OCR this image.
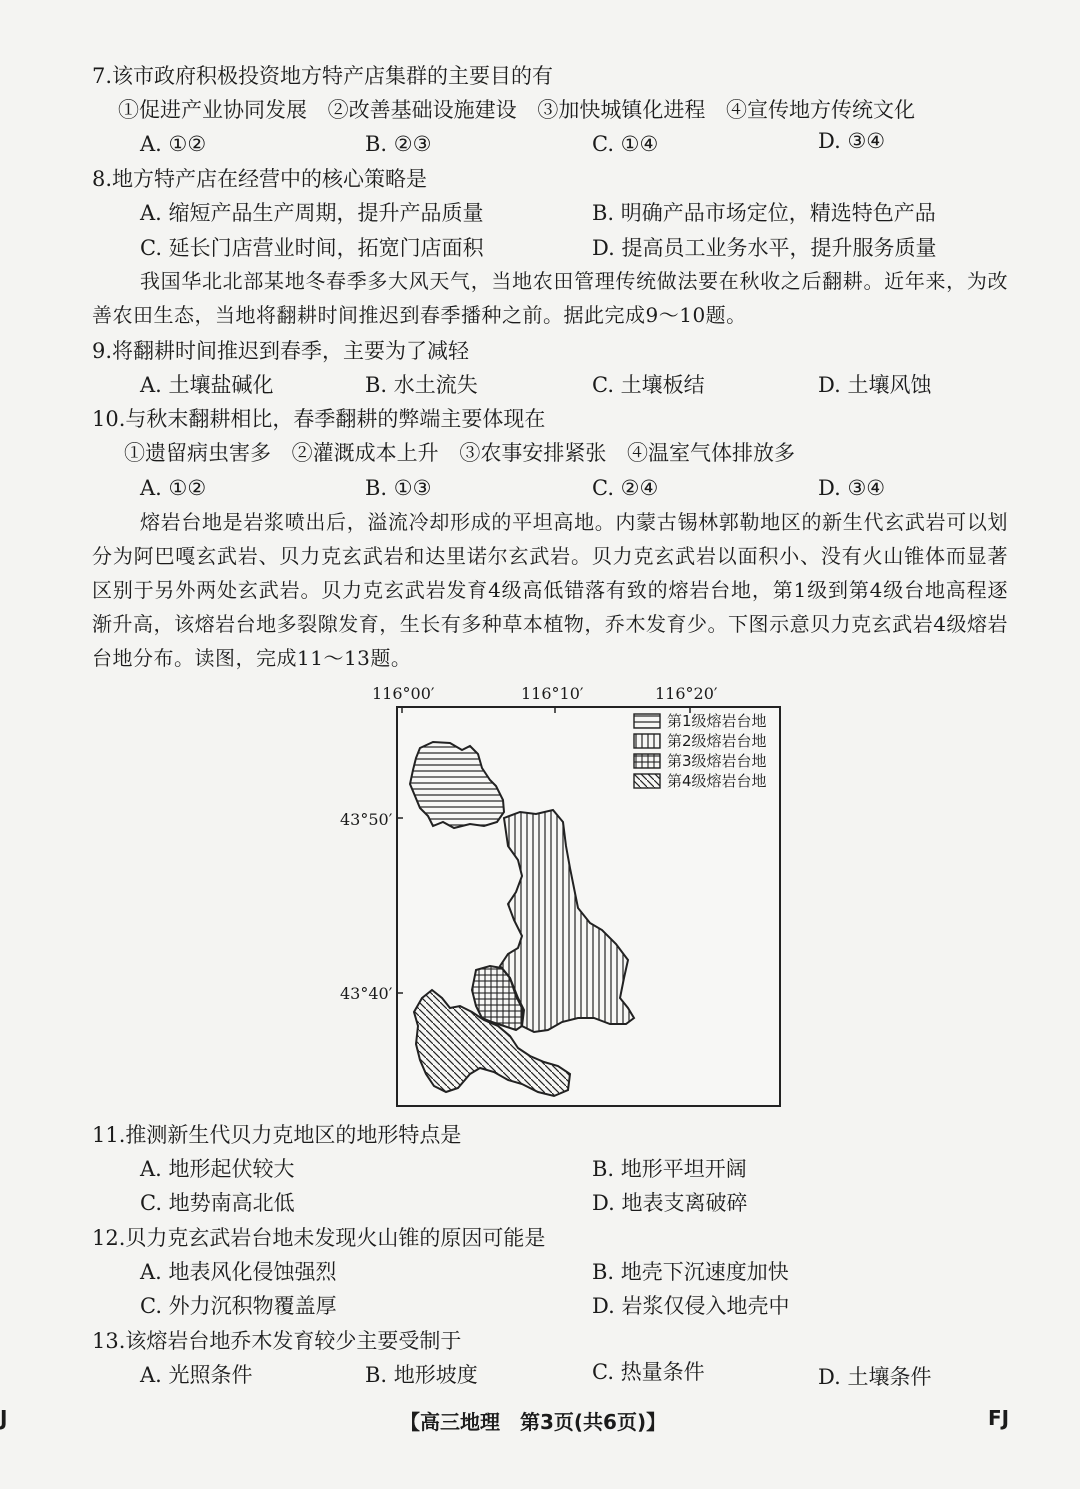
7.该市政府积极投资地方特产店集群的主要目的有
①促进产业协同发展 ②改善基础设施建设 ③加快城镇化进程 ④宣传地方传统文化
A. ①②	B. ②③	C. ①④	D. ③④
8.地方特产店在经营中的核心策略是
A. 缩短产品生产周期，提升产品质量	B. 明确产品市场定位，精选特色产品
C. 延长门店营业时间，拓宽门店面积	D. 提高员工业务水平，提升服务质量
我国华北北部某地冬春季多大风天气，当地农田管理传统做法要在秋收之后翻耕。近年来，为改善农田生态，当地将翻耕时间推迟到春季播种之前。据此完成9～10题。
9.将翻耕时间推迟到春季，主要为了减轻
A. 土壤盐碱化	B. 水土流失	C. 土壤板结	D. 土壤风蚀
10.与秋末翻耕相比，春季翻耕的弊端主要体现在
①遗留病虫害多 ②灌溉成本上升 ③农事安排紧张 ④温室气体排放多
A. ①②	B. ①③	C. ②④	D. ③④
熔岩台地是岩浆喷出后，溢流冷却形成的平坦高地。内蒙古锡林郭勒地区的新生代玄武岩可以划分为阿巴嘎玄武岩、贝力克玄武岩和达里诺尔玄武岩。贝力克玄武岩以面积小、没有火山锥体而显著区别于另外两处玄武岩。贝力克玄武岩发育4级高低错落有致的熔岩台地，第1级到第4级台地高程逐渐升高，该熔岩台地多裂隙发育，生长有多种草本植物，乔木发育少。下图示意贝力克玄武岩4级熔岩台地分布。读图，完成11～13题。
116°00′	116°10′	116°20′
43°50′
43°40′
第1级熔岩台地
第2级熔岩台地
第3级熔岩台地
第4级熔岩台地
11.推测新生代贝力克地区的地形特点是
A. 地形起伏较大	B. 地形平坦开阔
C. 地势南高北低	D. 地表支离破碎
12.贝力克玄武岩台地未发现火山锥的原因可能是
A. 地表风化侵蚀强烈	B. 地壳下沉速度加快
C. 外力沉积物覆盖厚	D. 岩浆仅侵入地壳中
13.该熔岩台地乔木发育较少主要受制于
A. 光照条件	B. 地形坡度	C. 热量条件	D. 土壤条件
J	【高三地理　第3页(共6页)】	FJ
